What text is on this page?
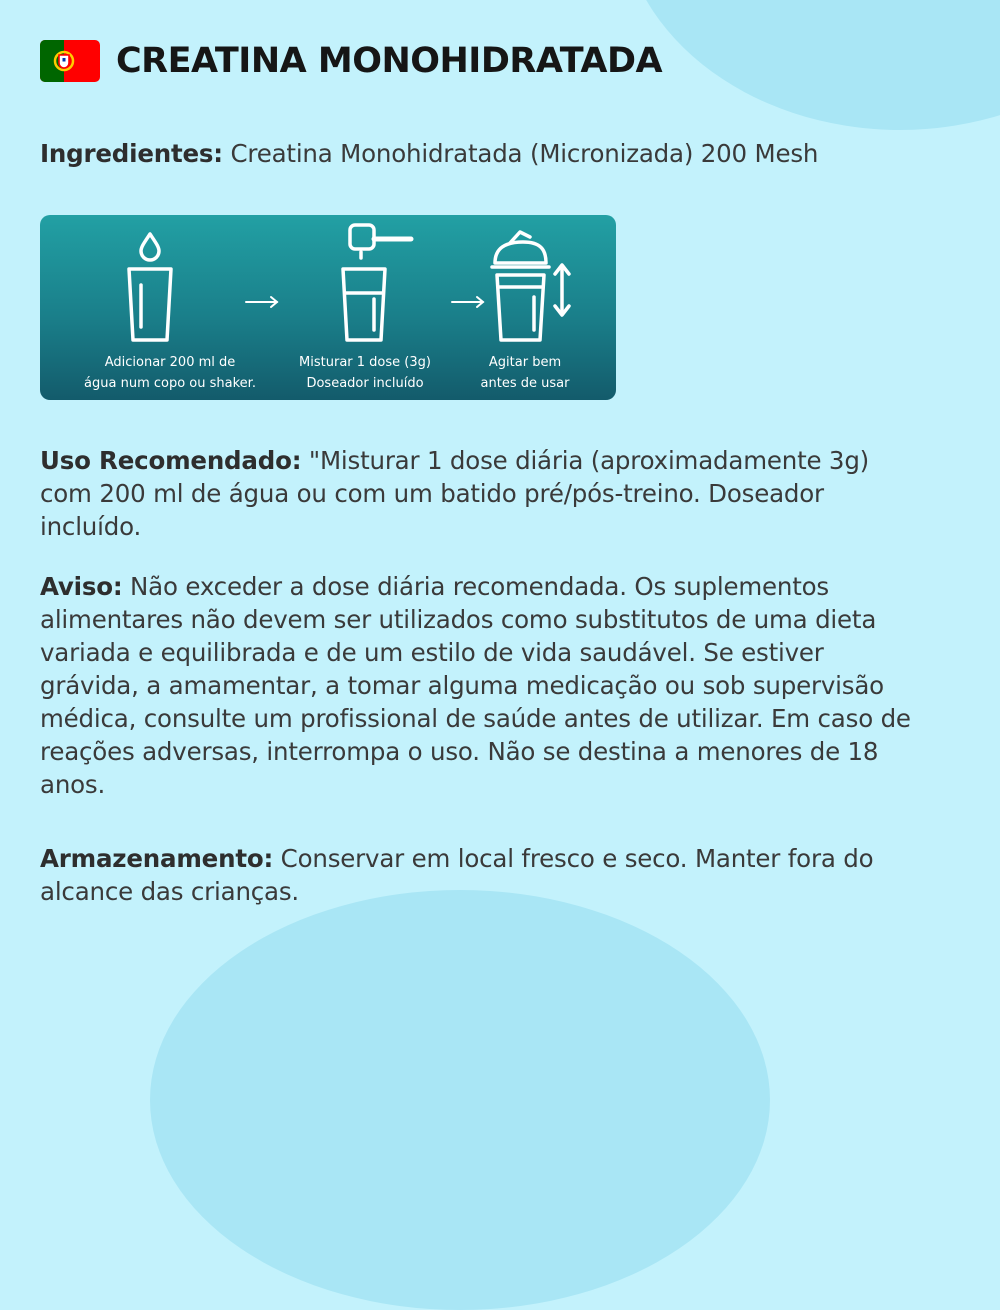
CREATINA MONOHIDRATADA

Ingredientes: Creatina Monohidratada (Micronizada) 200 Mesh

Adicionar 200 ml de
água num copo ou shaker.
Misturar 1 dose (3g)
Doseador incluído
Agitar bem
antes de usar

Uso Recomendado: "Misturar 1 dose diária (aproximadamente 3g) com 200 ml de água ou com um batido pré/pós-treino. Doseador incluído.

Aviso: Não exceder a dose diária recomendada. Os suplementos alimentares não devem ser utilizados como substitutos de uma dieta variada e equilibrada e de um estilo de vida saudável. Se estiver grávida, a amamentar, a tomar alguma medicação ou sob supervisão médica, consulte um profissional de saúde antes de utilizar. Em caso de reações adversas, interrompa o uso. Não se destina a menores de 18 anos.

Armazenamento: Conservar em local fresco e seco. Manter fora do alcance das crianças.
